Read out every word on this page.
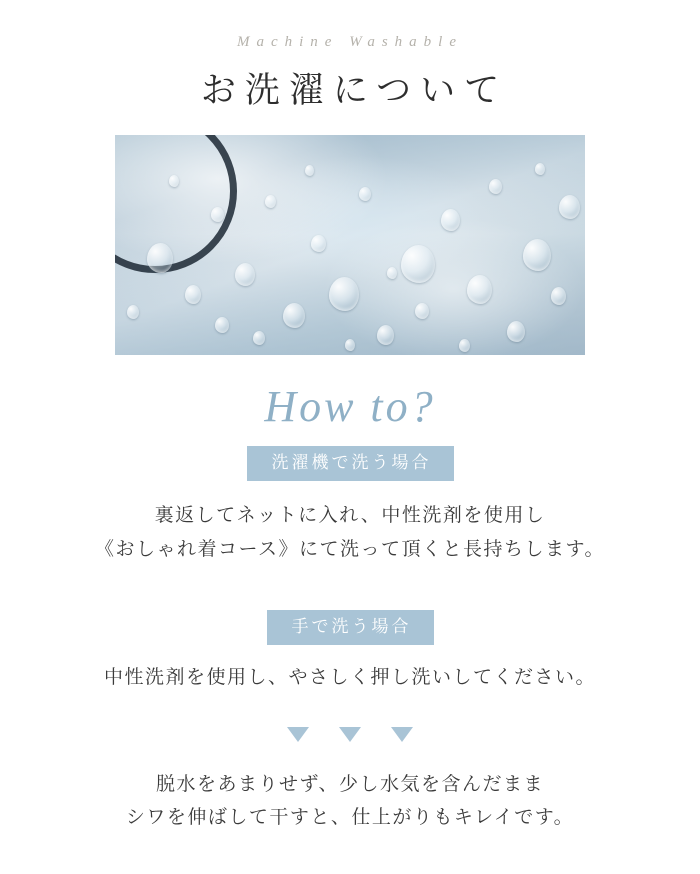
Machine Washable
お洗濯について
How to?
洗濯機で洗う場合
裏返してネットに入れ、中性洗剤を使用し
《おしゃれ着コース》にて洗って頂くと長持ちします。
手で洗う場合
中性洗剤を使用し、やさしく押し洗いしてください。
脱水をあまりせず、少し水気を含んだまま
シワを伸ばして干すと、仕上がりもキレイです。
